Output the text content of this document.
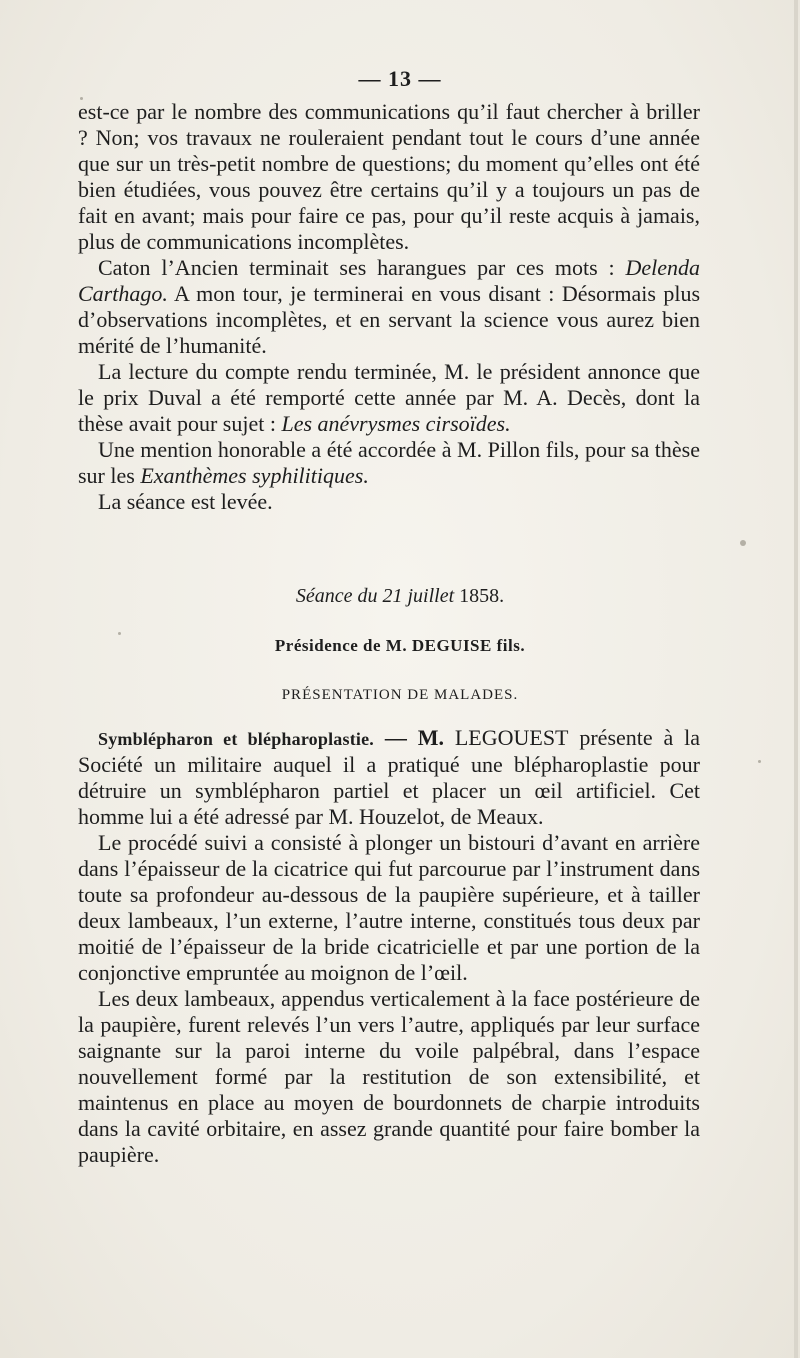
— 13 —

est-ce par le nombre des communications qu’il faut chercher à briller ? Non; vos travaux ne rouleraient pendant tout le cours d’une année que sur un très-petit nombre de questions; du moment qu’elles ont été bien étudiées, vous pouvez être certains qu’il y a toujours un pas de fait en avant; mais pour faire ce pas, pour qu’il reste acquis à jamais, plus de communications incomplètes.

Caton l’Ancien terminait ses harangues par ces mots : Delenda Carthago. A mon tour, je terminerai en vous disant : Désormais plus d’observations incomplètes, et en servant la science vous aurez bien mérité de l’humanité.

La lecture du compte rendu terminée, M. le président annonce que le prix Duval a été remporté cette année par M. A. Decès, dont la thèse avait pour sujet : Les anévrysmes cirsoïdes.

Une mention honorable a été accordée à M. Pillon fils, pour sa thèse sur les Exanthèmes syphilitiques.

La séance est levée.

Séance du 21 juillet 1858.
Présidence de M. DEGUISE fils.
PRÉSENTATION DE MALADES.

Symblépharon et blépharoplastie. — M. LEGOUEST présente à la Société un militaire auquel il a pratiqué une blépharoplastie pour détruire un symblépharon partiel et placer un œil artificiel. Cet homme lui a été adressé par M. Houzelot, de Meaux.

Le procédé suivi a consisté à plonger un bistouri d’avant en arrière dans l’épaisseur de la cicatrice qui fut parcourue par l’instrument dans toute sa profondeur au-dessous de la paupière supérieure, et à tailler deux lambeaux, l’un externe, l’autre interne, constitués tous deux par moitié de l’épaisseur de la bride cicatricielle et par une portion de la conjonctive empruntée au moignon de l’œil.

Les deux lambeaux, appendus verticalement à la face postérieure de la paupière, furent relevés l’un vers l’autre, appliqués par leur surface saignante sur la paroi interne du voile palpébral, dans l’espace nouvellement formé par la restitution de son extensibilité, et maintenus en place au moyen de bourdonnets de charpie introduits dans la cavité orbitaire, en assez grande quantité pour faire bomber la paupière.
